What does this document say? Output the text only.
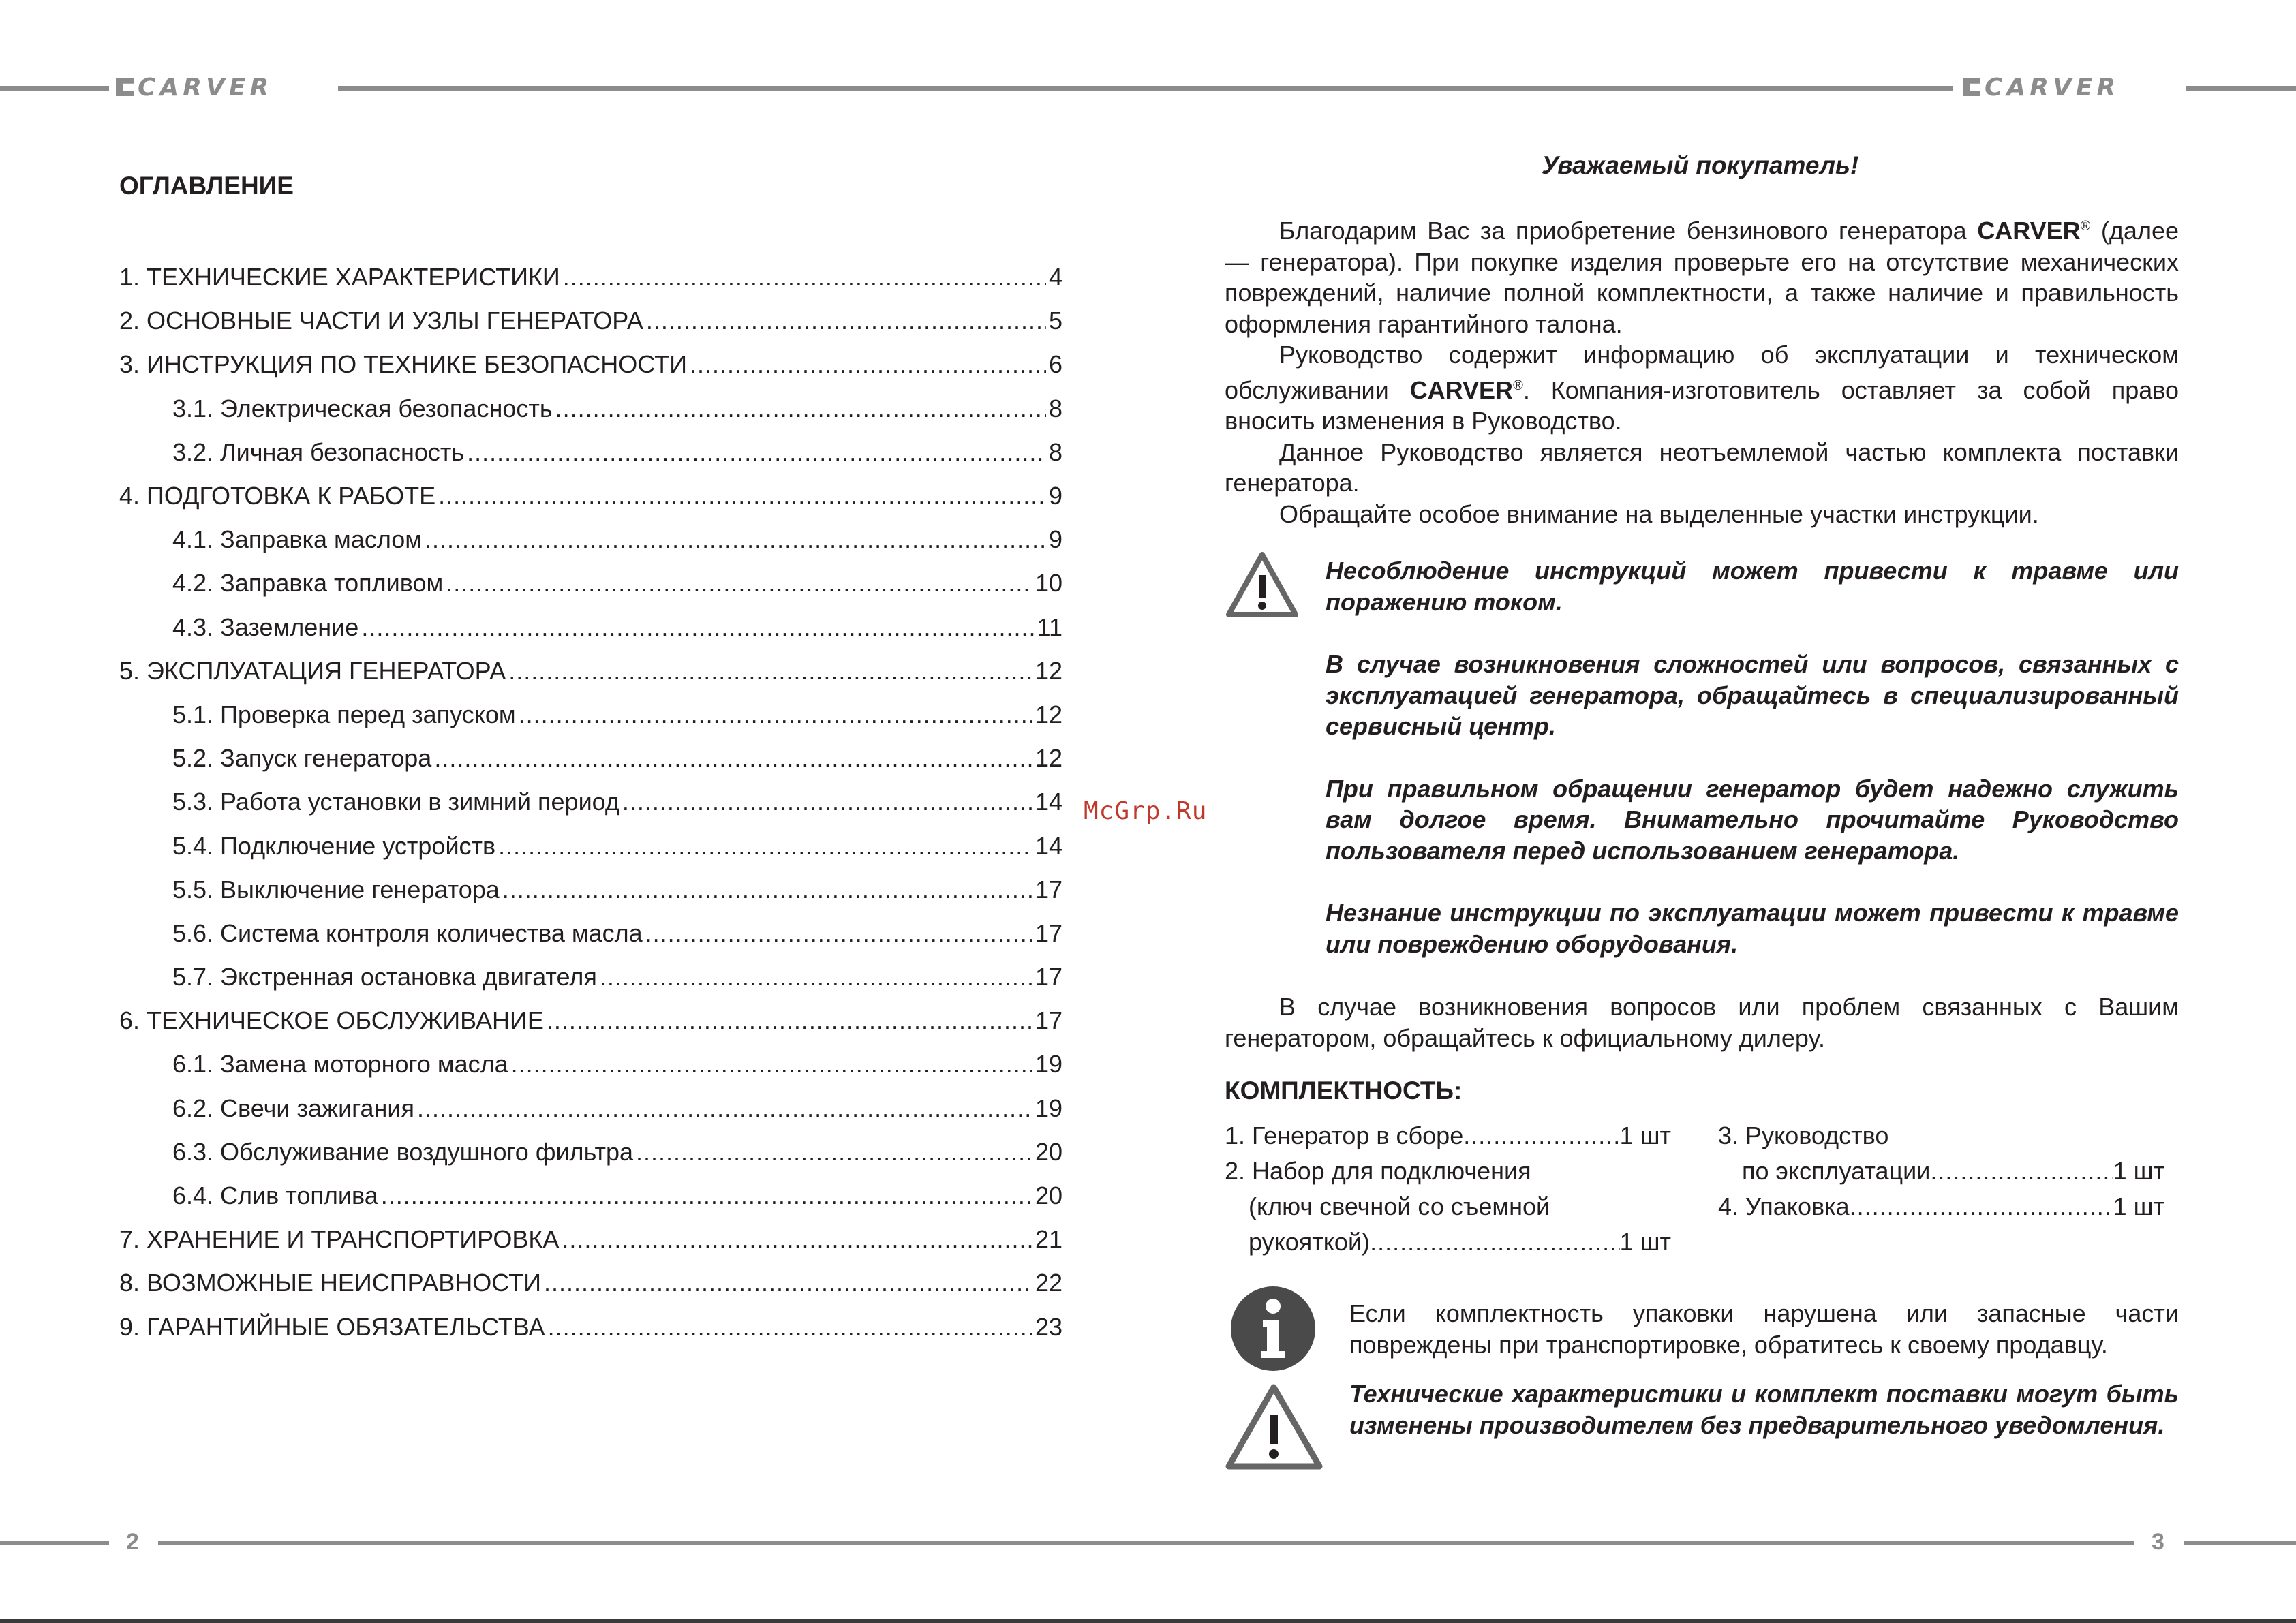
CARVER	CARVER
ОГЛАВЛЕНИЕ
1. ТЕХНИЧЕСКИЕ ХАРАКТЕРИСТИКИ .....	4
2. ОСНОВНЫЕ ЧАСТИ И УЗЛЫ ГЕНЕРАТОРА .....	5
3. ИНСТРУКЦИЯ ПО ТЕХНИКЕ БЕЗОПАСНОСТИ .....	6
3.1. Электрическая безопасность .....	8
3.2. Личная безопасность .....	8
4. ПОДГОТОВКА К РАБОТЕ .....	9
4.1. Заправка маслом .....	9
4.2. Заправка топливом .....	10
4.3. Заземление .....	11
5. ЭКСПЛУАТАЦИЯ ГЕНЕРАТОРА .....	12
5.1. Проверка перед запуском .....	12
5.2. Запуск генератора .....	12
5.3. Работа установки в зимний период .....	14
5.4. Подключение устройств .....	14
5.5. Выключение генератора .....	17
5.6. Система контроля количества масла .....	17
5.7. Экстренная остановка двигателя .....	17
6. ТЕХНИЧЕСКОЕ ОБСЛУЖИВАНИЕ .....	17
6.1. Замена моторного масла .....	19
6.2. Свечи зажигания .....	19
6.3. Обслуживание воздушного фильтра .....	20
6.4. Слив топлива .....	20
7. ХРАНЕНИЕ И ТРАНСПОРТИРОВКА .....	21
8. ВОЗМОЖНЫЕ НЕИСПРАВНОСТИ .....	22
9. ГАРАНТИЙНЫЕ ОБЯЗАТЕЛЬСТВА .....	23
McGrp.Ru
Уважаемый покупатель!

Благодарим Вас за приобретение бензинового генератора CARVER® (далее — генератора). При покупке изделия проверьте его на отсутствие механических повреждений, наличие полной комплектности, а также наличие и правильность оформления гарантийного талона.

Руководство содержит информацию об эксплуатации и техническом обслуживании CARVER®. Компания-изготовитель оставляет за собой право вносить изменения в Руководство.

Данное Руководство является неотъемлемой частью комплекта поставки генератора.

Обращайте особое внимание на выделенные участки инструкции.

Несоблюдение инструкций может привести к травме или поражению током.

В случае возникновения сложностей или вопросов, связанных с эксплуатацией генератора, обращайтесь в специализированный сервисный центр.

При правильном обращении генератор будет надежно служить вам долгое время. Внимательно прочитайте Руководство пользователя перед использованием генератора.

Незнание инструкции по эксплуатации может привести к травме или повреждению оборудования.

В случае возникновения вопросов или проблем связанных с Вашим генератором, обращайтесь к официальному дилеру.

КОМПЛЕКТНОСТЬ:
1. Генератор в сборе .....	1 шт
2. Набор для подключения
(ключ свечной со съемной
рукояткой) .....	1 шт
3. Руководство
по эксплуатации .....	1 шт
4. Упаковка .....	1 шт
Если комплектность упаковки нарушена или запасные части повреждены при транспортировке, обратитесь к своему продавцу.
Технические характеристики и комплект поставки могут быть изменены производителем без предварительного уведомления.
2	3
